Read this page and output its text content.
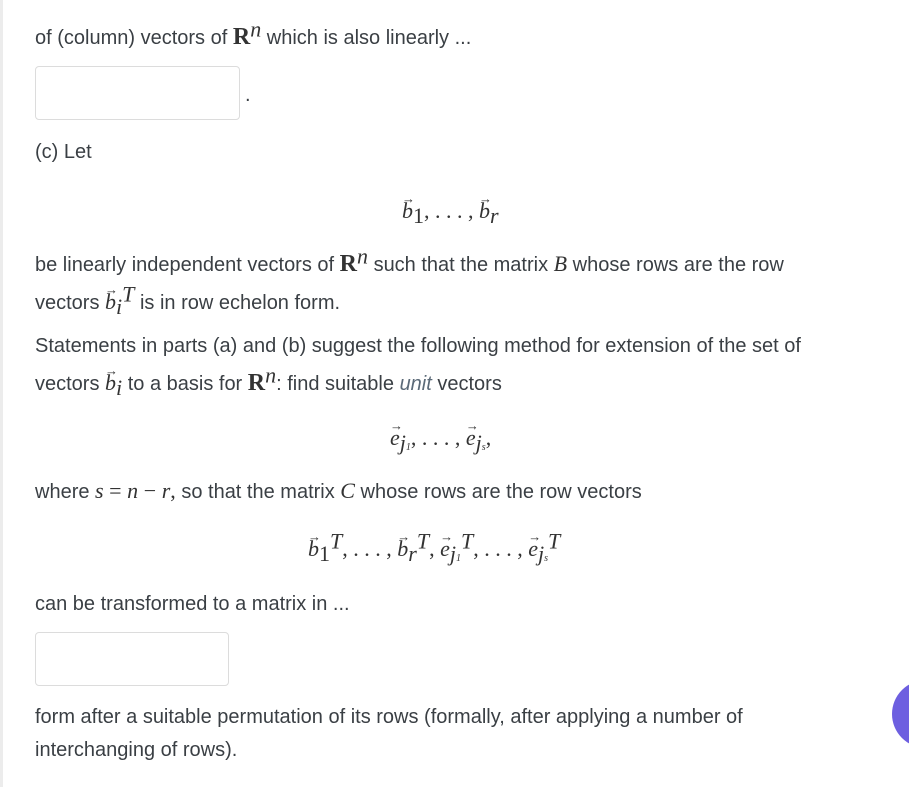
of (column) vectors of $R^n$ which is also linearly ...
.
(c) Let
→ $b_1$, . . . , → $b_r$
be linearly independent vectors of $R^n$ such that the matrix B whose rows are the row
vectors → $b_i^T$ is in row echelon form.
Statements in parts (a) and (b) suggest the following method for extension of the set of
vectors → $b_i$ to a basis for $R^n$: find suitable unit vectors
→ $e_{j1}$, . . . , → $e_{js}$,
where s = n − r, so that the matrix C whose rows are the row vectors
→ $b_1^T$, . . . , → $b_r^T$, → $e_{j1}^T$, . . . , → $e_{js}^T$
can be transformed to a matrix in ...
form after a suitable permutation of its rows (formally, after applying a number of
interchanging of rows).
